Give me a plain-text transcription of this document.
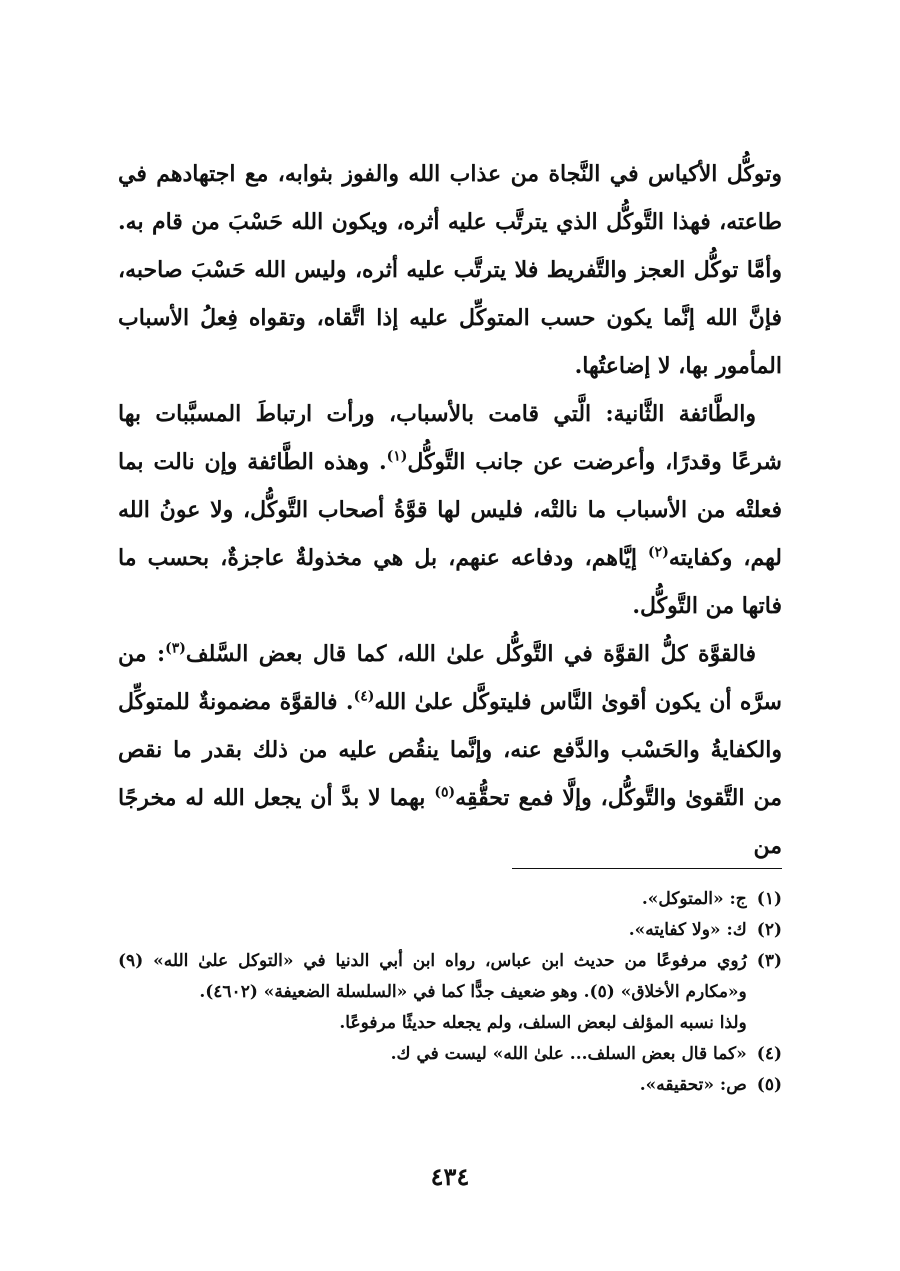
وتوكُّل الأكياس في النَّجاة من عذاب الله والفوز بثوابه، مع اجتهادهم في طاعته، فهذا التَّوكُّل الذي يترتَّب عليه أثره، ويكون الله حَسْبَ من قام به. وأمَّا توكُّل العجز والتَّفريط فلا يترتَّب عليه أثره، وليس الله حَسْبَ صاحبه، فإنَّ الله إنَّما يكون حسب المتوكِّل عليه إذا اتَّقاه، وتقواه فِعلُ الأسباب المأمور بها، لا إضاعتُها.

والطَّائفة الثَّانية: الَّتي قامت بالأسباب، ورأت ارتباطَ المسبَّبات بها شرعًا وقدرًا، وأعرضت عن جانب التَّوكُّل$^{(١)}$. وهذه الطَّائفة وإن نالت بما فعلتْه من الأسباب ما نالتْه، فليس لها قوَّةُ أصحاب التَّوكُّل، ولا عونُ الله لهم، وكفايته$^{(٢)}$ إيَّاهم، ودفاعه عنهم، بل هي مخذولةٌ عاجزةٌ، بحسب ما فاتها من التَّوكُّل.

فالقوَّة كلُّ القوَّة في التَّوكُّل علىٰ الله، كما قال بعض السَّلف$^{(٣)}$: من سرَّه أن يكون أقوىٰ النَّاس فليتوكَّل علىٰ الله$^{(٤)}$. فالقوَّة مضمونةٌ للمتوكِّل والكفايةُ والحَسْب والدَّفع عنه، وإنَّما ينقُص عليه من ذلك بقدر ما نقص من التَّقوىٰ والتَّوكُّل، وإلَّا فمع تحقُّقِه$^{(٥)}$ بهما لا بدَّ أن يجعل الله له مخرجًا من

(١)
ج: «المتوكل».
(٢)
ك: «ولا كفايته».
(٣)
رُوي مرفوعًا من حديث ابن عباس، رواه ابن أبي الدنيا في «التوكل علىٰ الله» (٩) و«مكارم الأخلاق» (٥). وهو ضعيف جدًّا كما في «السلسلة الضعيفة» (٤٦٠٢).
ولذا نسبه المؤلف لبعض السلف، ولم يجعله حديثًا مرفوعًا.
(٤)
«كما قال بعض السلف... علىٰ الله» ليست في ك.
(٥)
ص: «تحقيقه».
٤٣٤
